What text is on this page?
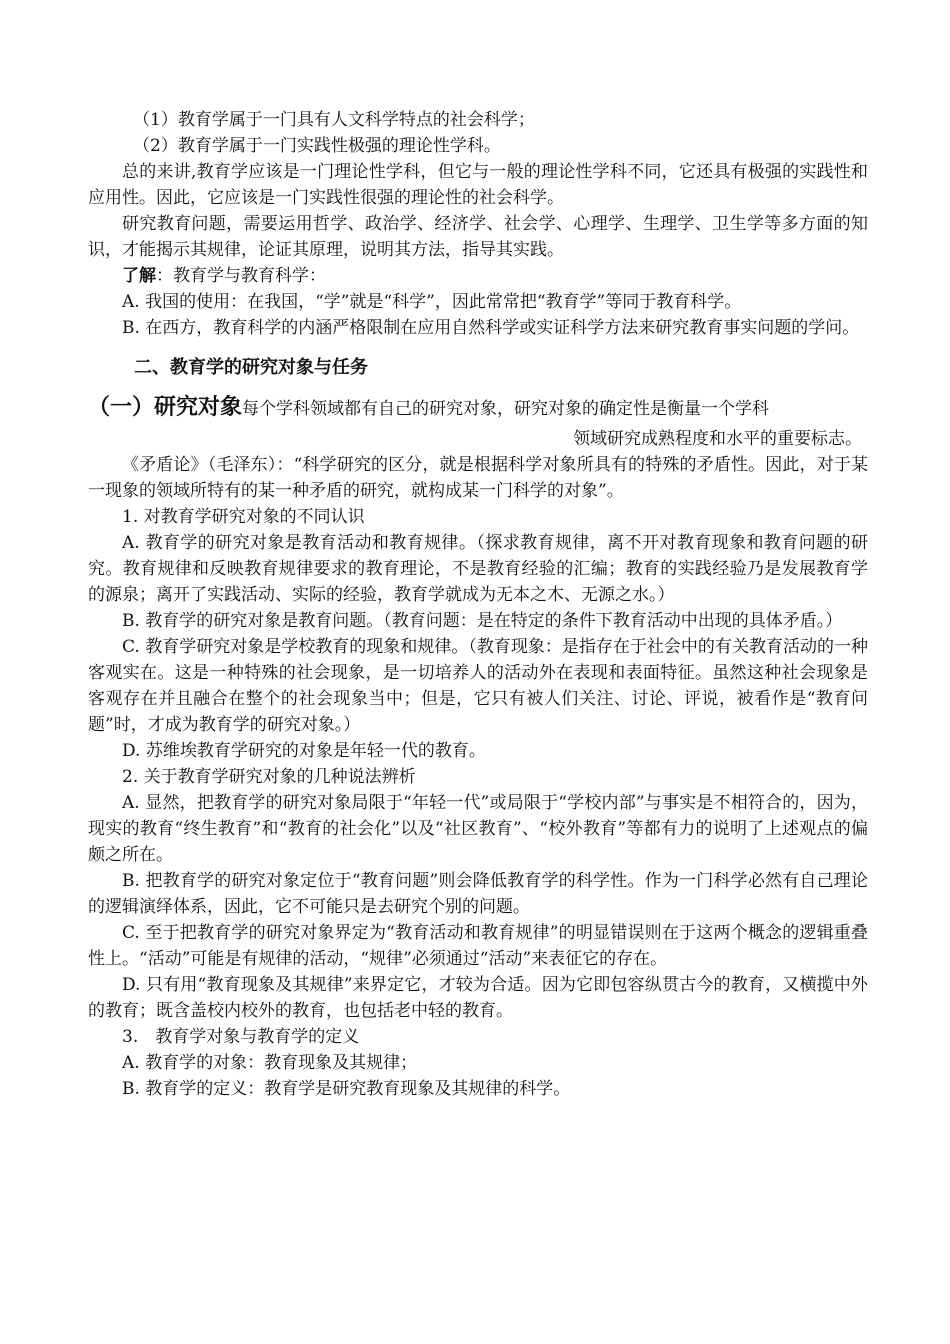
（1）教育学属于一门具有人文科学特点的社会科学；

（2）教育学属于一门实践性极强的理论性学科。

总的来讲,教育学应该是一门理论性学科，但它与一般的理论性学科不同，它还具有极强的实践性和应用性。因此，它应该是一门实践性很强的理论性的社会科学。

研究教育问题，需要运用哲学、政治学、经济学、社会学、心理学、生理学、卫生学等多方面的知识，才能揭示其规律，论证其原理，说明其方法，指导其实践。

了解：教育学与教育科学：

A. 我国的使用：在我国，“学”就是“科学”，因此常常把“教育学”等同于教育科学。

B. 在西方，教育科学的内涵严格限制在应用自然科学或实证科学方法来研究教育事实问题的学问。

二、教育学的研究对象与任务

（一）研究对象每个学科领域都有自己的研究对象，研究对象的确定性是衡量一个学科

领域研究成熟程度和水平的重要标志。

《矛盾论》（毛泽东）：“科学研究的区分，就是根据科学对象所具有的特殊的矛盾性。因此，对于某一现象的领域所特有的某一种矛盾的研究，就构成某一门科学的对象”。

1. 对教育学研究对象的不同认识

A. 教育学的研究对象是教育活动和教育规律。（探求教育规律，离不开对教育现象和教育问题的研究。教育规律和反映教育规律要求的教育理论，不是教育经验的汇编；教育的实践经验乃是发展教育学的源泉；离开了实践活动、实际的经验，教育学就成为无本之木、无源之水。）

B. 教育学的研究对象是教育问题。（教育问题：是在特定的条件下教育活动中出现的具体矛盾。）

C. 教育学研究对象是学校教育的现象和规律。（教育现象：是指存在于社会中的有关教育活动的一种客观实在。这是一种特殊的社会现象，是一切培养人的活动外在表现和表面特征。虽然这种社会现象是客观存在并且融合在整个的社会现象当中；但是，它只有被人们关注、讨论、评说，被看作是“教育问题”时，才成为教育学的研究对象。）

D. 苏维埃教育学研究的对象是年轻一代的教育。

2. 关于教育学研究对象的几种说法辨析

A. 显然，把教育学的研究对象局限于“年轻一代”或局限于“学校内部”与事实是不相符合的，因为，现实的教育“终生教育”和“教育的社会化”以及“社区教育”、“校外教育”等都有力的说明了上述观点的偏颇之所在。

B. 把教育学的研究对象定位于“教育问题”则会降低教育学的科学性。作为一门科学必然有自己理论的逻辑演绎体系，因此，它不可能只是去研究个别的问题。

C. 至于把教育学的研究对象界定为“教育活动和教育规律”的明显错误则在于这两个概念的逻辑重叠性上。“活动”可能是有规律的活动，“规律”必须通过“活动”来表征它的存在。

D. 只有用“教育现象及其规律”来界定它，才较为合适。因为它即包容纵贯古今的教育，又横揽中外的教育；既含盖校内校外的教育，也包括老中轻的教育。

3.　教育学对象与教育学的定义

A. 教育学的对象：教育现象及其规律；

B. 教育学的定义：教育学是研究教育现象及其规律的科学。
